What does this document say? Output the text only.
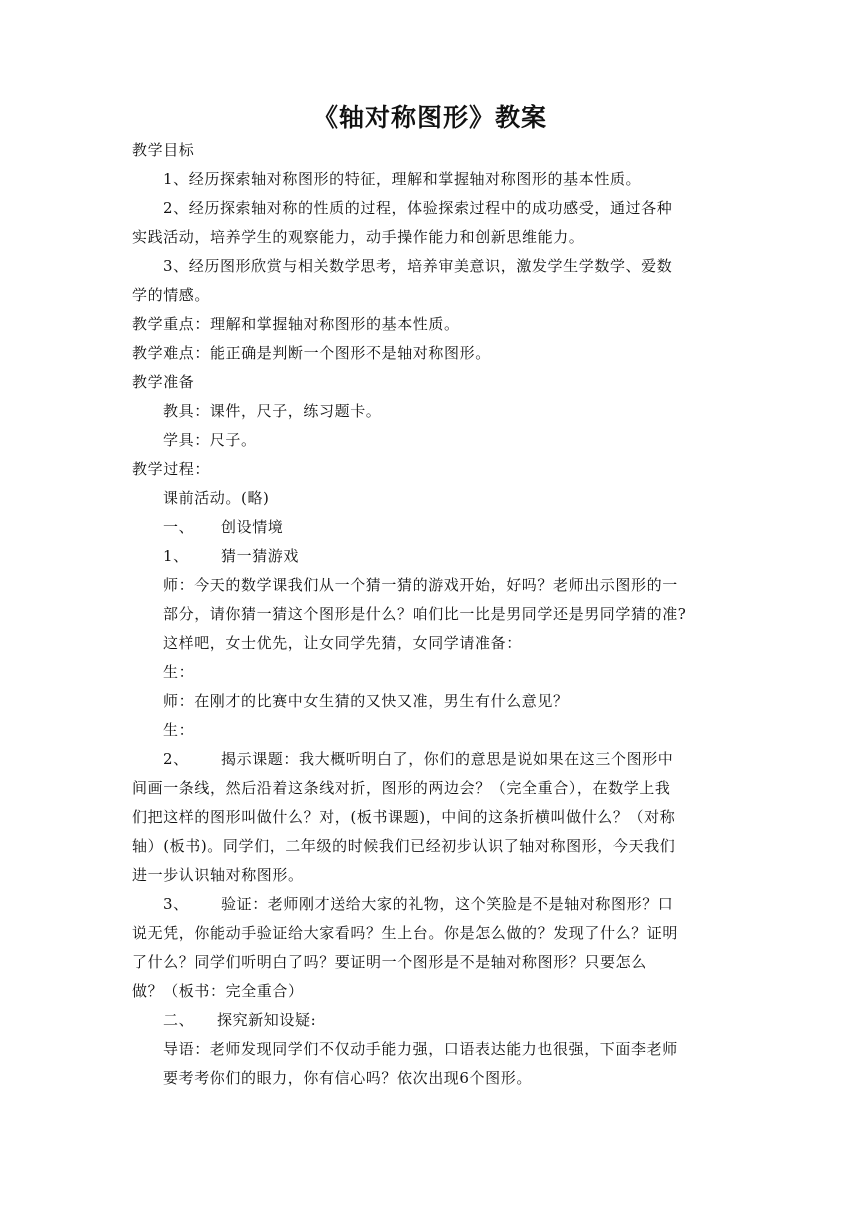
《轴对称图形》教案
教学目标
1、经历探索轴对称图形的特征，理解和掌握轴对称图形的基本性质。
2、经历探索轴对称的性质的过程，体验探索过程中的成功感受，通过各种
实践活动，培养学生的观察能力，动手操作能力和创新思维能力。
3、经历图形欣赏与相关数学思考，培养审美意识，激发学生学数学、爱数
学的情感。
教学重点：理解和掌握轴对称图形的基本性质。
教学难点：能正确是判断一个图形不是轴对称图形。
教学准备
教具：课件，尺子，练习题卡。
学具：尺子。
教学过程：
课前活动。(略)
一、 创设情境
1、 猜一猜游戏
师：今天的数学课我们从一个猜一猜的游戏开始，好吗？老师出示图形的一
部分，请你猜一猜这个图形是什么？咱们比一比是男同学还是男同学猜的准?
这样吧，女士优先，让女同学先猜，女同学请准备：
生：
师：在刚才的比赛中女生猜的又快又准，男生有什么意见？
生：
2、 揭示课题：我大概听明白了，你们的意思是说如果在这三个图形中
间画一条线，然后沿着这条线对折，图形的两边会？（完全重合），在数学上我
们把这样的图形叫做什么？对，(板书课题)，中间的这条折横叫做什么？（对称
轴）(板书)。同学们，二年级的时候我们已经初步认识了轴对称图形，今天我们
进一步认识轴对称图形。
3、 验证：老师刚才送给大家的礼物，这个笑脸是不是轴对称图形？口
说无凭，你能动手验证给大家看吗？生上台。你是怎么做的？发现了什么？证明
了什么？同学们听明白了吗？要证明一个图形是不是轴对称图形？只要怎么
做？（板书：完全重合）
二、 探究新知设疑:
导语：老师发现同学们不仅动手能力强，口语表达能力也很强，下面李老师
要考考你们的眼力，你有信心吗？依次出现6个图形。
